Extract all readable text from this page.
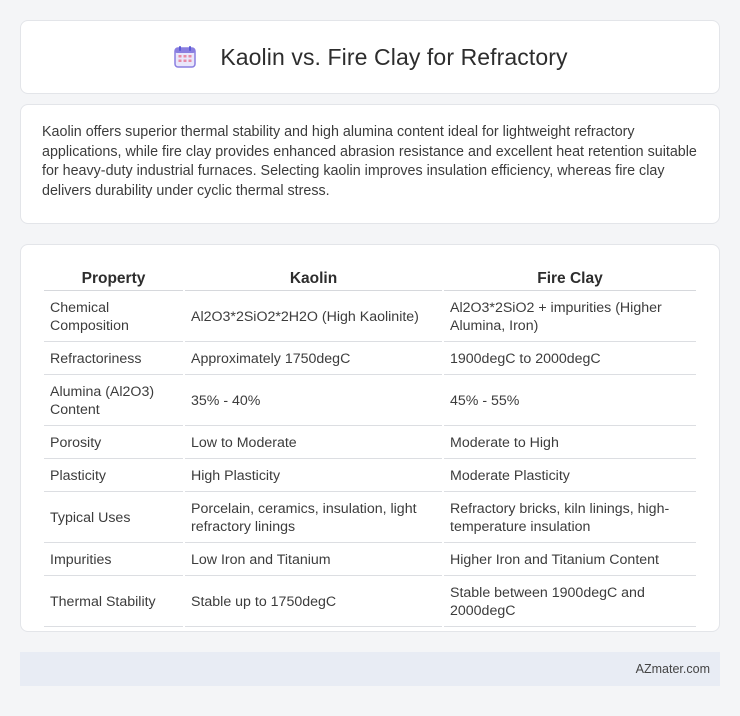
Kaolin vs. Fire Clay for Refractory

Kaolin offers superior thermal stability and high alumina content ideal for lightweight refractory applications, while fire clay provides enhanced abrasion resistance and excellent heat retention suitable for heavy-duty industrial furnaces. Selecting kaolin improves insulation efficiency, whereas fire clay delivers durability under cyclic thermal stress.

Property	Kaolin	Fire Clay
Chemical Composition	Al2O3*2SiO2*2H2O (High Kaolinite)	Al2O3*2SiO2 + impurities (Higher Alumina, Iron)
Refractoriness	Approximately 1750degC	1900degC to 2000degC
Alumina (Al2O3) Content	35% - 40%	45% - 55%
Porosity	Low to Moderate	Moderate to High
Plasticity	High Plasticity	Moderate Plasticity
Typical Uses	Porcelain, ceramics, insulation, light refractory linings	Refractory bricks, kiln linings, high-temperature insulation
Impurities	Low Iron and Titanium	Higher Iron and Titanium Content
Thermal Stability	Stable up to 1750degC	Stable between 1900degC and 2000degC
AZmater.com
